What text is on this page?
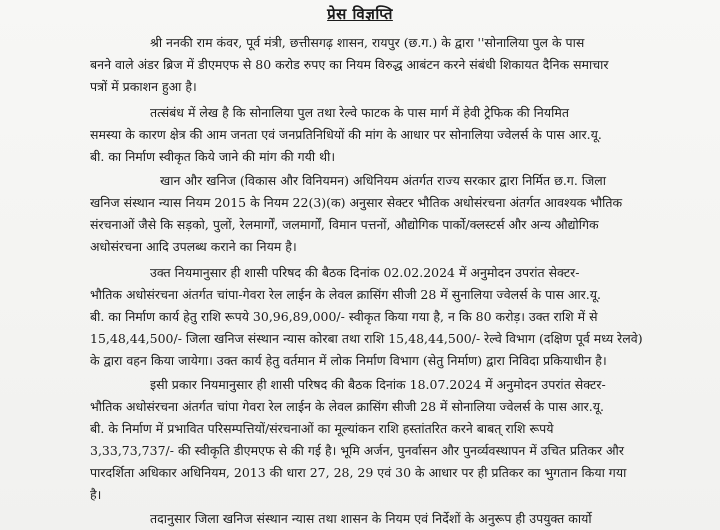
प्रेस विज्ञप्ति
श्री ननकी राम कंवर, पूर्व मंत्री, छत्तीसगढ़ शासन, रायपुर (छ.ग.) के द्वारा ''सोनालिया पुल के पास
बनने वाले अंडर ब्रिज में डीएमएफ से 80 करोड रुपए का नियम विरुद्ध आबंटन करने संबंधी शिकायत दैनिक समाचार
पत्रों में प्रकाशन हुआ है।
तत्संबंध में लेख है कि सोनालिया पुल तथा रेल्वे फाटक के पास मार्ग में हेवी ट्रेफिक की नियमित
समस्या के कारण क्षेत्र की आम जनता एवं जनप्रतिनिधियों की मांग के आधार पर सोनालिया ज्वेलर्स के पास आर.यू.
बी. का निर्माण स्वीकृत किये जाने की मांग की गयी थी।
खान और खनिज (विकास और विनियमन) अधिनियम अंतर्गत राज्य सरकार द्वारा निर्मित छ.ग. जिला
खनिज संस्थान न्यास नियम 2015 के नियम 22(3)(क) अनुसार सेक्टर भौतिक अधोसंरचना अंतर्गत आवश्यक भौतिक
संरचनाओं जैसे कि सड़को, पुलों, रेलमार्गों, जलमार्गों, विमान पत्तनों, औद्योगिक पार्को/क्लस्टर्स और अन्य औद्योगिक
अधोसंरचना आदि उपलब्ध कराने का नियम है।
उक्त नियमानुसार ही शासी परिषद की बैठक दिनांक 02.02.2024 में अनुमोदन उपरांत सेक्टर-
भौतिक अधोसंरचना अंतर्गत चांपा-गेवरा रेल लाईन के लेवल क्रासिंग सीजी 28 में सुनालिया ज्वेलर्स के पास आर.यू.
बी. का निर्माण कार्य हेतु राशि रूपये 30,96,89,000/- स्वीकृत किया गया है, न कि 80 करोड़। उक्त राशि में से
15,48,44,500/- जिला खनिज संस्थान न्यास कोरबा तथा राशि 15,48,44,500/- रेल्वे विभाग (दक्षिण पूर्व मध्य रेलवे)
के द्वारा वहन किया जायेगा। उक्त कार्य हेतु वर्तमान में लोक निर्माण विभाग (सेतु निर्माण) द्वारा निविदा प्रकियाधीन है।
इसी प्रकार नियमानुसार ही शासी परिषद की बैठक दिनांक 18.07.2024 में अनुमोदन उपरांत सेक्टर-
भौतिक अधोसंरचना अंतर्गत चांपा गेवरा रेल लाईन के लेवल क्रासिंग सीजी 28 में सोनालिया ज्वेलर्स के पास आर.यू.
बी. के निर्माण में प्रभावित परिसम्पत्तियों/संरचनाओं का मूल्यांकन राशि हस्तांतरित करने बाबत् राशि रूपये
3,33,73,737/- की स्वीकृति डीएमएफ से की गई है। भूमि अर्जन, पुनर्वासन और पुनर्व्यवस्थापन में उचित प्रतिकर और
पारदर्शिता अधिकार अधिनियम, 2013 की धारा 27, 28, 29 एवं 30 के आधार पर ही प्रतिकर का भुगतान किया गया
है।
तदानुसार जिला खनिज संस्थान न्यास तथा शासन के नियम एवं निर्देशों के अनुरूप ही उपयुक्त कार्यो
